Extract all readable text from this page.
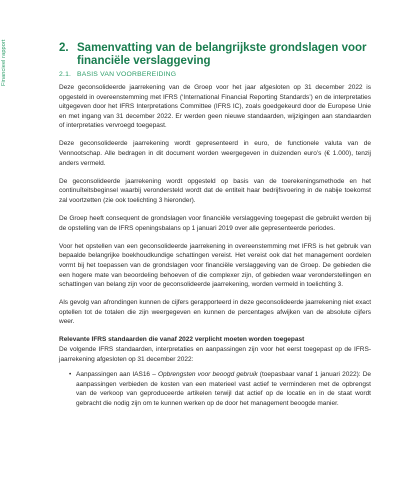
Financieel rapport	2. Samenvatting van de belangrijkste grondslagen voor financiële verslaggeving
2.1. BASIS VAN VOORBEREIDING

Deze geconsolideerde jaarrekening van de Groep voor het jaar afgesloten op 31 december 2022 is opgesteld in overeenstemming met IFRS (‘International Financial Reporting Standards’) en de interpretaties uitgegeven door het IFRS Interpretations Committee (IFRS IC), zoals goedgekeurd door de Europese Unie en met ingang van 31 december 2022. Er werden geen nieuwe standaarden, wijzigingen aan standaarden of interpretaties vervroegd toegepast.

Deze geconsolideerde jaarrekening wordt gepresenteerd in euro, de functionele valuta van de Vennootschap. Alle bedragen in dit document worden weergegeven in duizenden euro’s (€ 1.000), tenzij anders vermeld.

De geconsolideerde jaarrekening wordt opgesteld op basis van de toerekeningsmethode en het continuïteitsbeginsel waarbij verondersteld wordt dat de entiteit haar bedrijfsvoering in de nabije toekomst zal voortzetten (zie ook toelichting 3 hieronder).

De Groep heeft consequent de grondslagen voor financiële verslaggeving toegepast die gebruikt werden bij de opstelling van de IFRS openingsbalans op 1 januari 2019 over alle gepresenteerde periodes.

Voor het opstellen van een geconsolideerde jaarrekening in overeenstemming met IFRS is het gebruik van bepaalde belangrijke boekhoudkundige schattingen vereist. Het vereist ook dat het management oordelen vormt bij het toepassen van de grondslagen voor financiële verslaggeving van de Groep. De gebieden die een hogere mate van beoordeling behoeven of die complexer zijn, of gebieden waar veronderstellingen en schattingen van belang zijn voor de geconsolideerde jaarrekening, worden vermeld in toelichting 3.

Als gevolg van afrondingen kunnen de cijfers gerapporteerd in deze geconsolideerde jaarrekening niet exact optellen tot de totalen die zijn weergegeven en kunnen de percentages afwijken van de absolute cijfers weer.

Relevante IFRS standaarden die vanaf 2022 verplicht moeten worden toegepast

De volgende IFRS standaarden, interpretaties en aanpassingen zijn voor het eerst toegepast op de IFRS-jaarrekening afgesloten op 31 december 2022:

• Aanpassingen aan IAS16 – Opbrengsten voor beoogd gebruik (toepasbaar vanaf 1 januari 2022): De aanpassingen verbieden de kosten van een materieel vast actief te verminderen met de opbrengst van de verkoop van geproduceerde artikelen terwijl dat actief op de locatie en in de staat wordt gebracht die nodig zijn om te kunnen werken op de door het management beoogde manier.
